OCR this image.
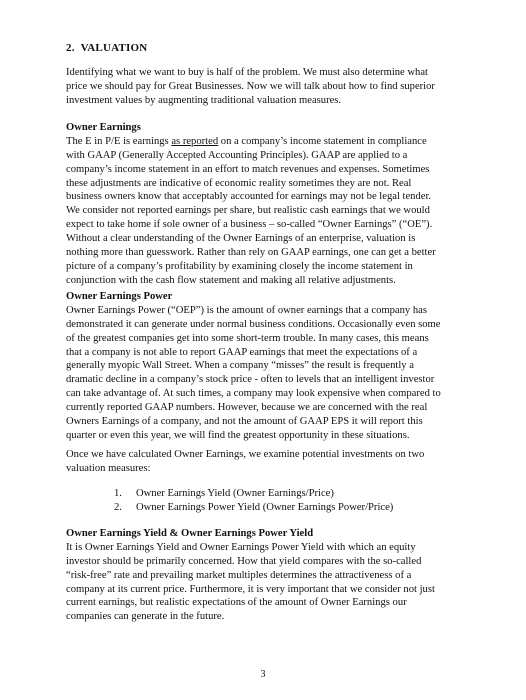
2. VALUATION
Identifying what we want to buy is half of the problem. We must also determine what
price we should pay for Great Businesses. Now we will talk about how to find superior
investment values by augmenting traditional valuation measures.
Owner Earnings
The E in P/E is earnings as reported on a company’s income statement in compliance
with GAAP (Generally Accepted Accounting Principles). GAAP are applied to a
company’s income statement in an effort to match revenues and expenses. Sometimes
these adjustments are indicative of economic reality sometimes they are not. Real
business owners know that acceptably accounted for earnings may not be legal tender.
We consider not reported earnings per share, but realistic cash earnings that we would
expect to take home if sole owner of a business – so-called “Owner Earnings” (“OE”).
Without a clear understanding of the Owner Earnings of an enterprise, valuation is
nothing more than guesswork. Rather than rely on GAAP earnings, one can get a better
picture of a company’s profitability by examining closely the income statement in
conjunction with the cash flow statement and making all relative adjustments.
Owner Earnings Power
Owner Earnings Power (“OEP”) is the amount of owner earnings that a company has
demonstrated it can generate under normal business conditions. Occasionally even some
of the greatest companies get into some short-term trouble. In many cases, this means
that a company is not able to report GAAP earnings that meet the expectations of a
generally myopic Wall Street. When a company “misses” the result is frequently a
dramatic decline in a company’s stock price - often to levels that an intelligent investor
can take advantage of. At such times, a company may look expensive when compared to
currently reported GAAP numbers. However, because we are concerned with the real
Owners Earnings of a company, and not the amount of GAAP EPS it will report this
quarter or even this year, we will find the greatest opportunity in these situations.
Once we have calculated Owner Earnings, we examine potential investments on two
valuation measures:
1. Owner Earnings Yield (Owner Earnings/Price)
2. Owner Earnings Power Yield (Owner Earnings Power/Price)
Owner Earnings Yield & Owner Earnings Power Yield
It is Owner Earnings Yield and Owner Earnings Power Yield with which an equity
investor should be primarily concerned. How that yield compares with the so-called
“risk-free” rate and prevailing market multiples determines the attractiveness of a
company at its current price. Furthermore, it is very important that we consider not just
current earnings, but realistic expectations of the amount of Owner Earnings our
companies can generate in the future.
3
